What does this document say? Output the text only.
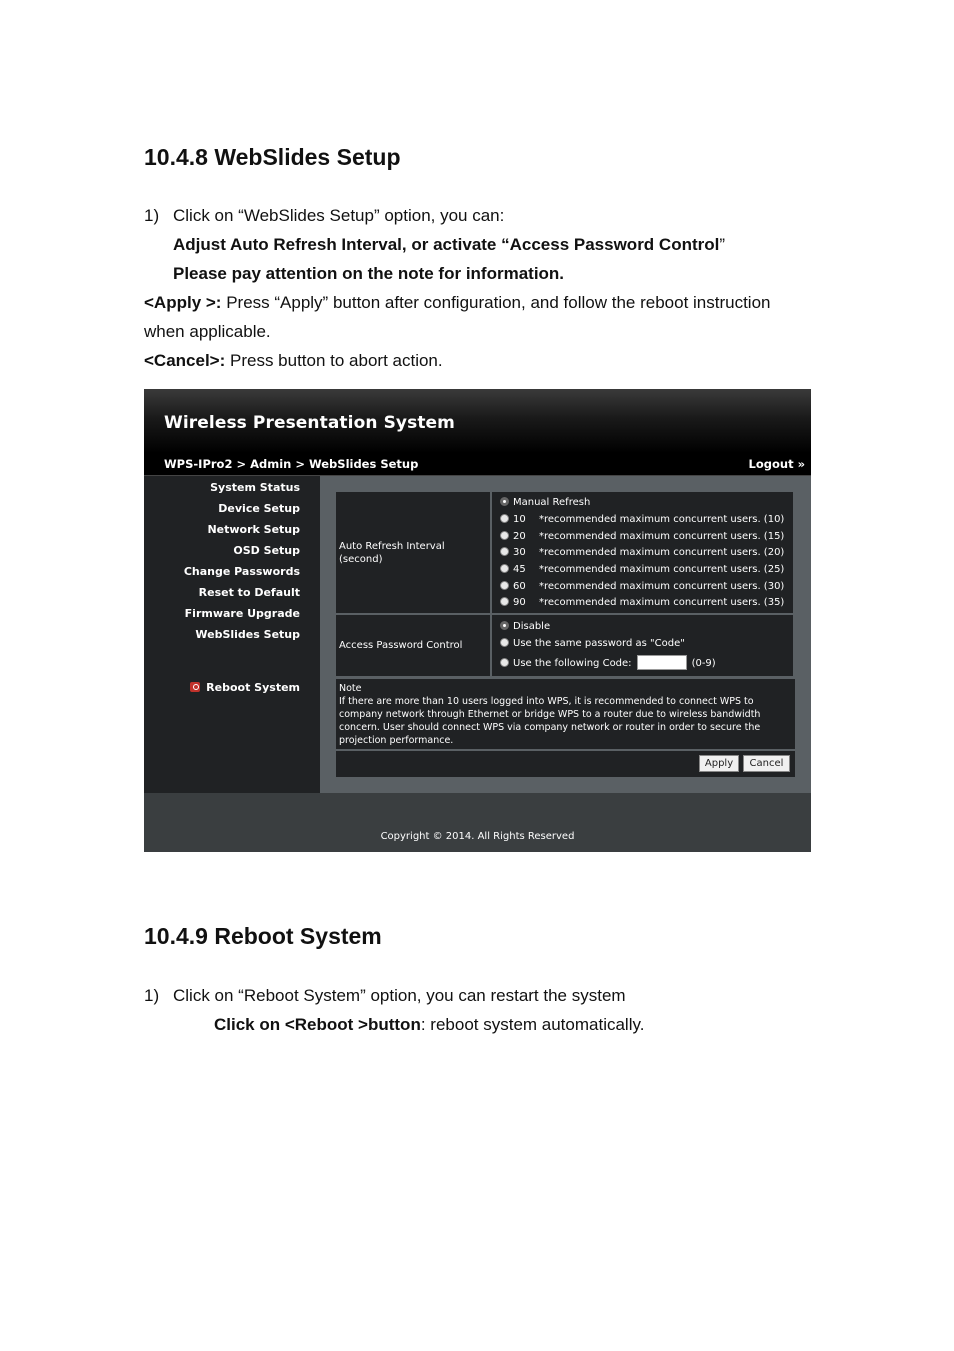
10.4.8 WebSlides Setup
1) Click on “WebSlides Setup” option, you can:
Adjust Auto Refresh Interval, or activate “Access Password Control”
Please pay attention on the note for information.
<Apply >: Press “Apply” button after configuration, and follow the reboot instruction
when applicable.
<Cancel>: Press button to abort action.
Wireless Presentation System
WPS-IPro2 > Admin > WebSlides Setup	Logout »
System Status
Device Setup
Network Setup
OSD Setup
Change Passwords
Reset to Default
Firmware Upgrade
WebSlides Setup
Reboot System
Auto Refresh Interval
(second)
Manual Refresh
10 *recommended maximum concurrent users. (10)
20 *recommended maximum concurrent users. (15)
30 *recommended maximum concurrent users. (20)
45 *recommended maximum concurrent users. (25)
60 *recommended maximum concurrent users. (30)
90 *recommended maximum concurrent users. (35)
Access Password Control
Disable
Use the same password as "Code"
Use the following Code:	(0-9)
Note
If there are more than 10 users logged into WPS, it is recommended to connect WPS to company network through Ethernet or bridge WPS to a router due to wireless bandwidth concern. User should connect WPS via company network or router in order to secure the projection performance.
Apply	Cancel
Copyright © 2014. All Rights Reserved
10.4.9 Reboot System
1) Click on “Reboot System” option, you can restart the system
Click on <Reboot >button: reboot system automatically.
